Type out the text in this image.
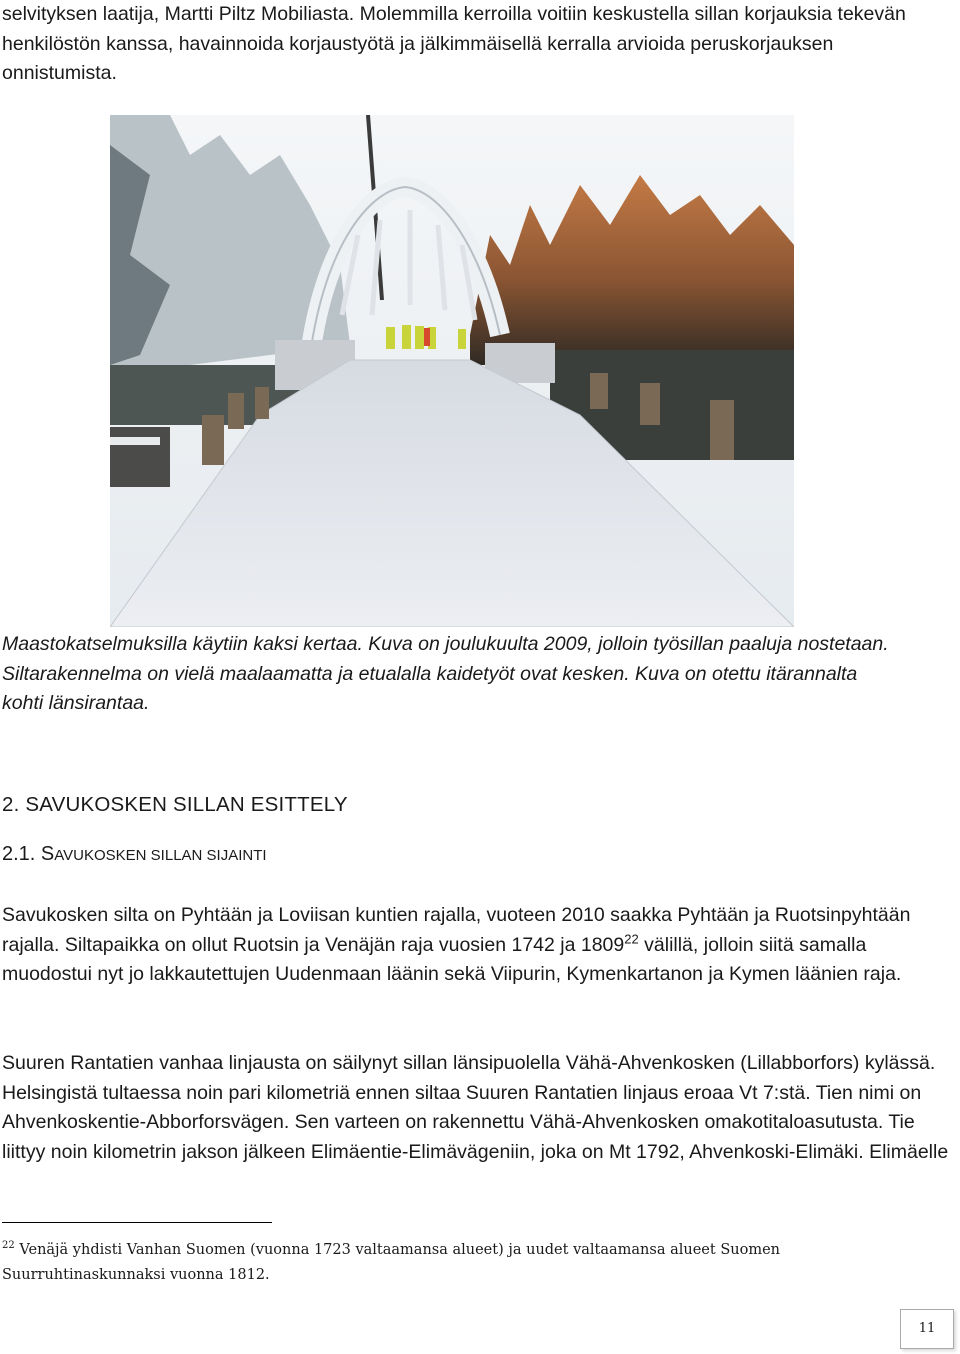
selvityksen laatija, Martti Piltz Mobiliasta. Molemmilla kerroilla voitiin keskustella sillan korjauksia tekevän henkilöstön kanssa, havainnoida korjaustyötä ja jälkimmäisellä kerralla arvioida peruskorjauksen onnistumista.

Maastokatselmuksilla käytiin kaksi kertaa. Kuva on joulukuulta 2009, jolloin työsillan paaluja nostetaan. Siltarakennelma on vielä maalaamatta ja etualalla kaidetyöt ovat kesken. Kuva on otettu itärannalta kohti länsirantaa.

2. SAVUKOSKEN SILLAN ESITTELY
2.1. SAVUKOSKEN SILLAN SIJAINTI

Savukosken silta on Pyhtään ja Loviisan kuntien rajalla, vuoteen 2010 saakka Pyhtään ja Ruotsinpyhtään rajalla. Siltapaikka on ollut Ruotsin ja Venäjän raja vuosien 1742 ja 1809$^{22}$ välillä, jolloin siitä samalla muodostui nyt jo lakkautettujen Uudenmaan läänin sekä Viipurin, Kymenkartanon ja Kymen läänien raja.

Suuren Rantatien vanhaa linjausta on säilynyt sillan länsipuolella Vähä-Ahvenkosken (Lillabborfors) kylässä. Helsingistä tultaessa noin pari kilometriä ennen siltaa Suuren Rantatien linjaus eroaa Vt 7:stä. Tien nimi on Ahvenkoskentie-Abborforsvägen. Sen varteen on rakennettu Vähä-Ahvenkosken omakotitaloasutusta. Tie liittyy noin kilometrin jakson jälkeen Elimäentie-Elimävägeniin, joka on Mt 1792, Ahvenkoski-Elimäki. Elimäelle

$^{22}$ Venäjä yhdisti Vanhan Suomen (vuonna 1723 valtaamansa alueet) ja uudet valtaamansa alueet Suomen Suurruhtinaskunnaksi vuonna 1812.

11
